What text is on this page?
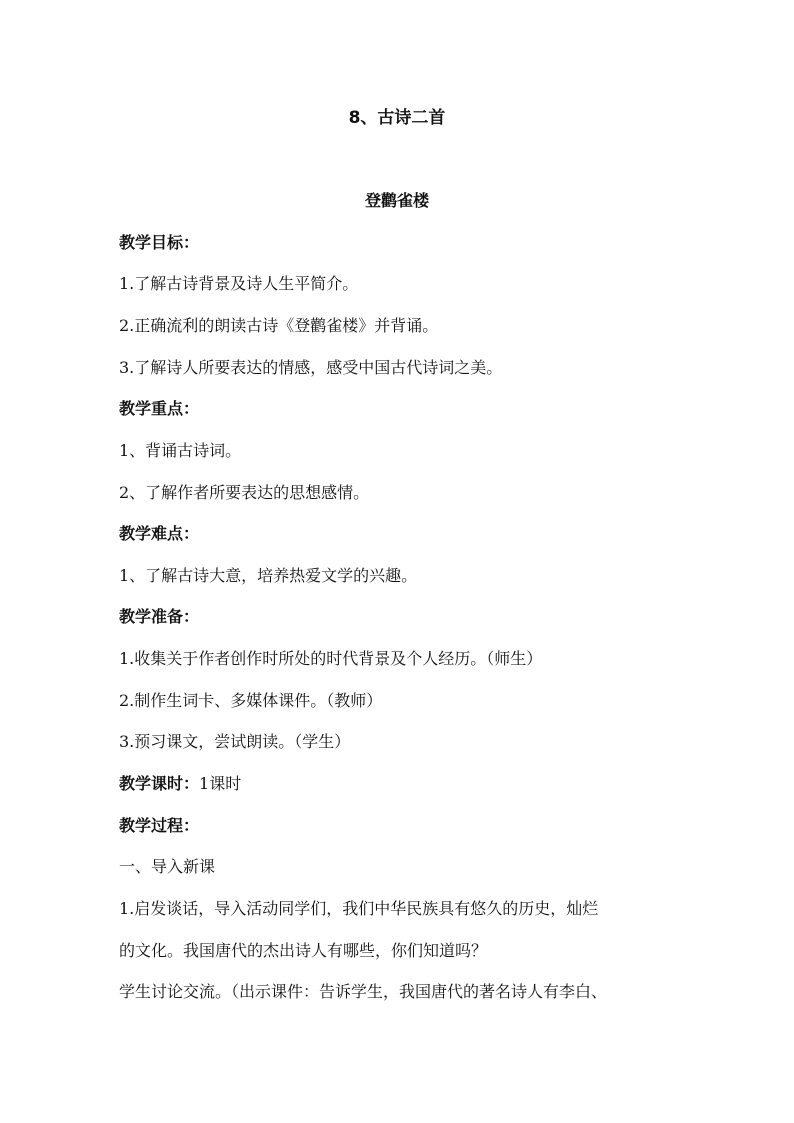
8、古诗二首
登鹳雀楼
教学目标：
1.了解古诗背景及诗人生平简介。
2.正确流利的朗读古诗《登鹳雀楼》并背诵。
3.了解诗人所要表达的情感，感受中国古代诗词之美。
教学重点：
1、背诵古诗词。
2、了解作者所要表达的思想感情。
教学难点：
1、了解古诗大意，培养热爱文学的兴趣。
教学准备：
1.收集关于作者创作时所处的时代背景及个人经历。（师生）
2.制作生词卡、多媒体课件。（教师）
3.预习课文，尝试朗读。（学生）
教学课时：1课时
教学过程：
一、导入新课
1.启发谈话，导入活动同学们，我们中华民族具有悠久的历史，灿烂
的文化。我国唐代的杰出诗人有哪些，你们知道吗？
学生讨论交流。（出示课件：告诉学生，我国唐代的著名诗人有李白、
